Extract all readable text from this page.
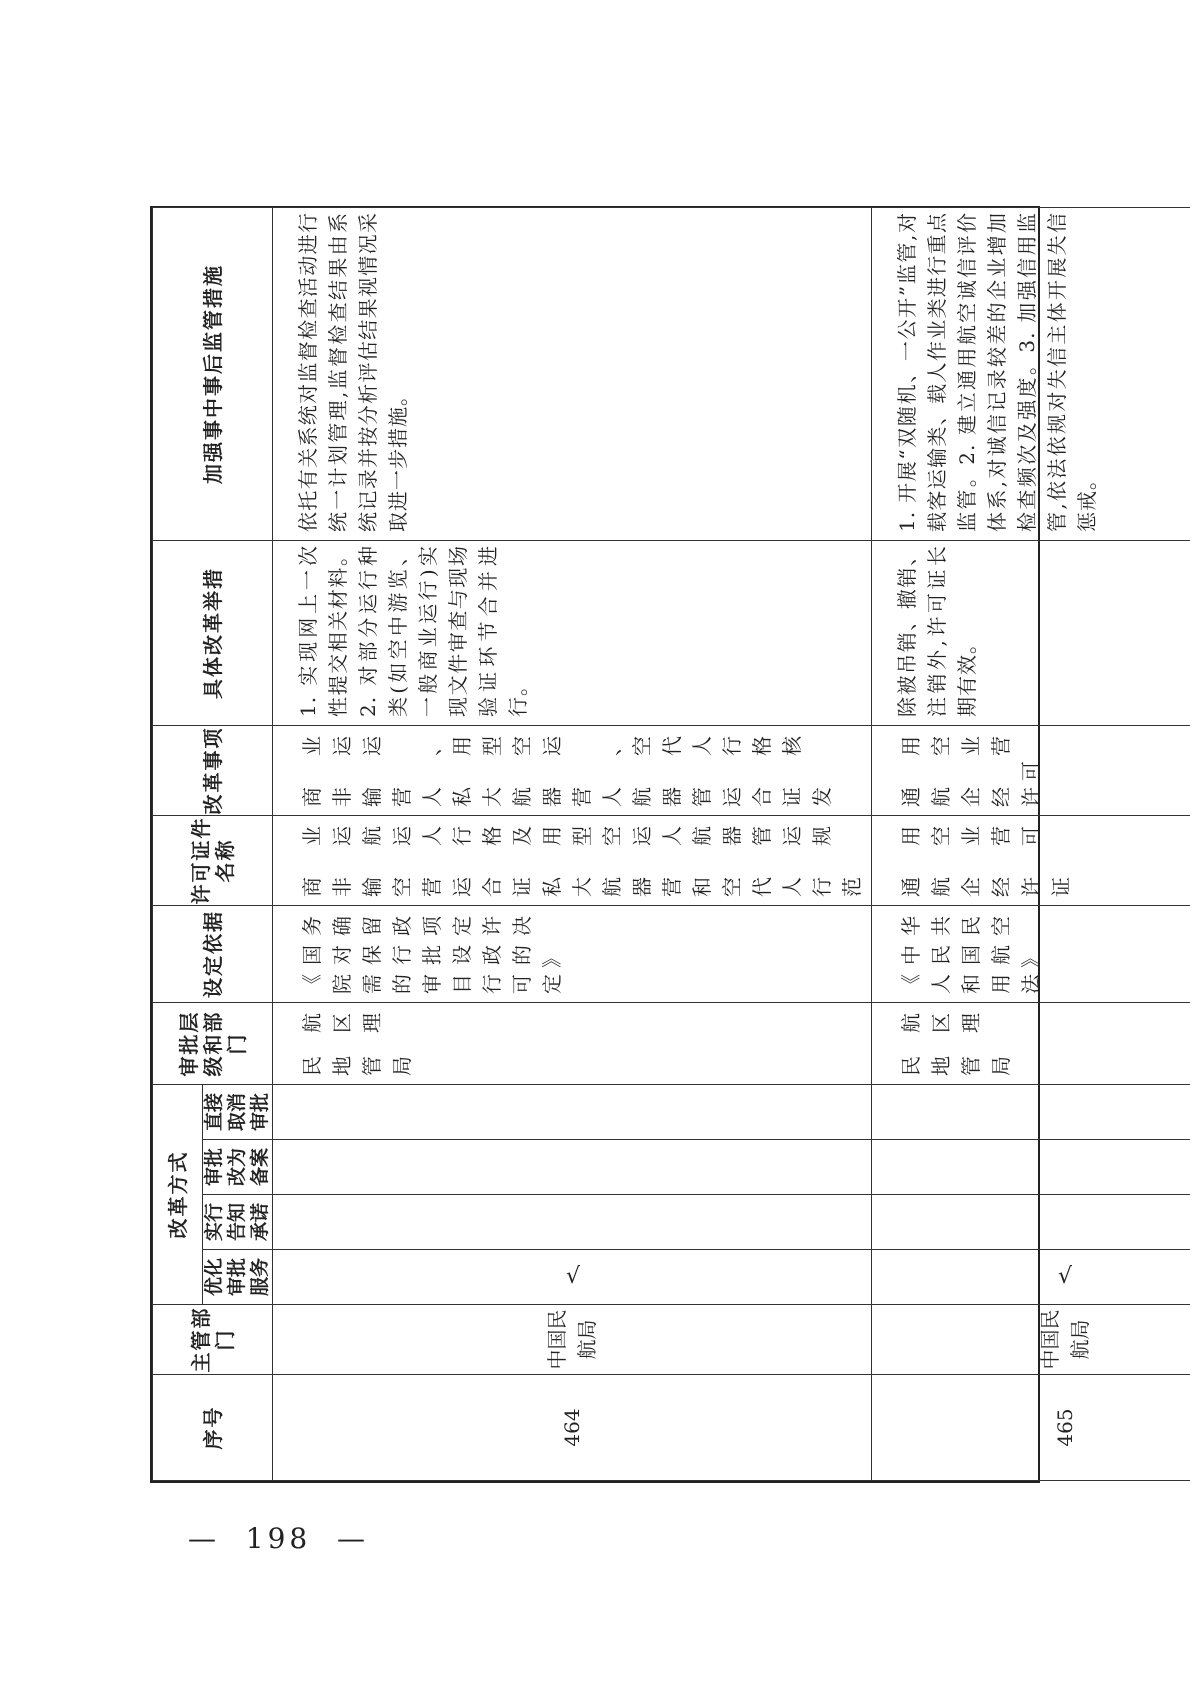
序号	主管部门	改革方式				审批层级和部门	设定依据	许可证件名称	改革事项	具体改革举措	加强事中事后监管措施
		优化审批服务	实行告知承诺	审批改为备案	直接取消审批						
464	中国民航局	√				民航地区管理局	《国务院对确需保留的行政审批项目设定行政许可的决定》	商业非运输航空运营人运行合格证及私用大型航空器运营人和航空器代管人运行规范	商业非运输运营人、私用大型航空器运营人、航空器代管人运行合格证核发	1. 实现网上一次性提交相关材料。2. 对部分运行种类(如空中游览、一般商业运行)实现文件审查与现场验证环节合并进行。	依托有关系统对监督检查活动进行统一计划管理,监督检查结果由系统记录并按分析评估结果视情况采取进一步措施。
465	中国民航局	√				民航地区管理局	《中华人民共和国民用航空法》	通用航空企业经营许可证	通用航空企业经营许可	除被吊销、撤销、注销外,许可证长期有效。	1. 开展“双随机、一公开”监管,对载客运输类、载人作业类进行重点监管。2. 建立通用航空诚信评价体系,对诚信记录较差的企业增加检查频次及强度。3. 加强信用监管,依法依规对失信主体开展失信惩戒。
—  198  —
